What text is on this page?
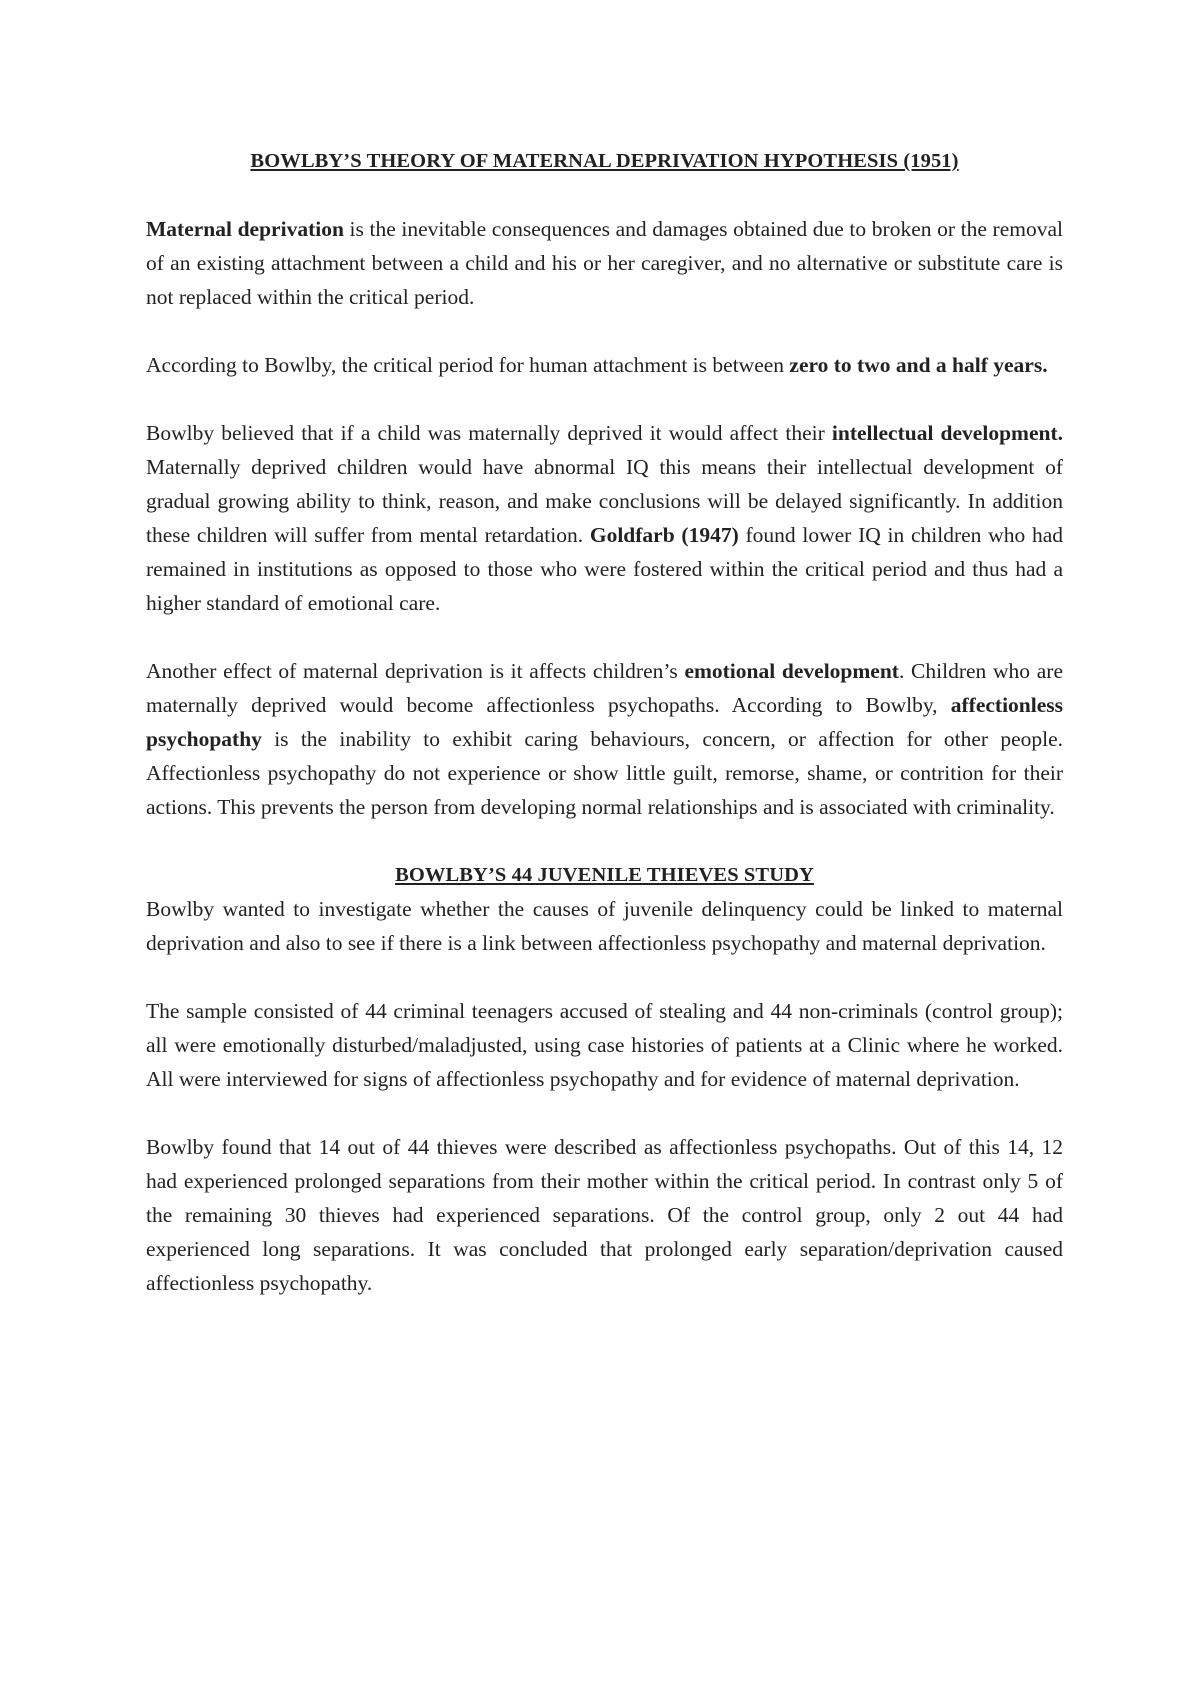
BOWLBY’S THEORY OF MATERNAL DEPRIVATION HYPOTHESIS (1951)

Maternal deprivation is the inevitable consequences and damages obtained due to broken or the removal of an existing attachment between a child and his or her caregiver, and no alternative or substitute care is not replaced within the critical period.

According to Bowlby, the critical period for human attachment is between zero to two and a half years.

Bowlby believed that if a child was maternally deprived it would affect their intellectual development. Maternally deprived children would have abnormal IQ this means their intellectual development of gradual growing ability to think, reason, and make conclusions will be delayed significantly. In addition these children will suffer from mental retardation. Goldfarb (1947) found lower IQ in children who had remained in institutions as opposed to those who were fostered within the critical period and thus had a higher standard of emotional care.

Another effect of maternal deprivation is it affects children’s emotional development. Children who are maternally deprived would become affectionless psychopaths. According to Bowlby, affectionless psychopathy is the inability to exhibit caring behaviours, concern, or affection for other people. Affectionless psychopathy do not experience or show little guilt, remorse, shame, or contrition for their actions. This prevents the person from developing normal relationships and is associated with criminality.

BOWLBY’S 44 JUVENILE THIEVES STUDY

Bowlby wanted to investigate whether the causes of juvenile delinquency could be linked to maternal deprivation and also to see if there is a link between affectionless psychopathy and maternal deprivation.

The sample consisted of 44 criminal teenagers accused of stealing and 44 non-criminals (control group); all were emotionally disturbed/maladjusted, using case histories of patients at a Clinic where he worked. All were interviewed for signs of affectionless psychopathy and for evidence of maternal deprivation.

Bowlby found that 14 out of 44 thieves were described as affectionless psychopaths. Out of this 14, 12 had experienced prolonged separations from their mother within the critical period. In contrast only 5 of the remaining 30 thieves had experienced separations. Of the control group, only 2 out 44 had experienced long separations. It was concluded that prolonged early separation/deprivation caused affectionless psychopathy.
